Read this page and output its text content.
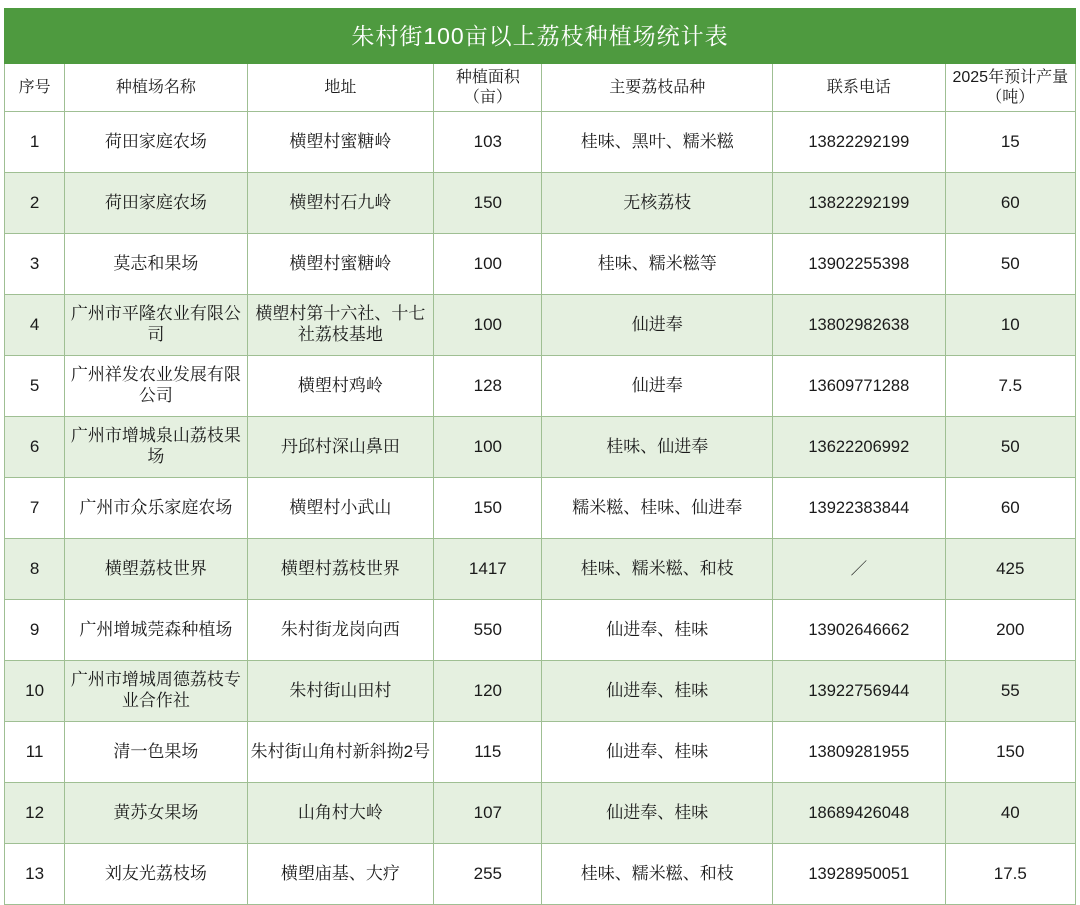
朱村街100亩以上荔枝种植场统计表						
序号	种植场名称	地址	种植面积（亩）	主要荔枝品种	联系电话	2025年预计产量（吨）
1	荷田家庭农场	横塱村蜜糖岭	103	桂味、黑叶、糯米糍	13822292199	15
2	荷田家庭农场	横塱村石九岭	150	无核荔枝	13822292199	60
3	莫志和果场	横塱村蜜糖岭	100	桂味、糯米糍等	13902255398	50
4	广州市平隆农业有限公司	横塱村第十六社、十七社荔枝基地	100	仙进奉	13802982638	10
5	广州祥发农业发展有限公司	横塱村鸡岭	128	仙进奉	13609771288	7.5
6	广州市增城泉山荔枝果场	丹邱村深山鼻田	100	桂味、仙进奉	13622206992	50
7	广州市众乐家庭农场	横塱村小武山	150	糯米糍、桂味、仙进奉	13922383844	60
8	横塱荔枝世界	横塱村荔枝世界	1417	桂味、糯米糍、和枝	／	425
9	广州增城莞森种植场	朱村街龙岗向西	550	仙进奉、桂味	13902646662	200
10	广州市增城周德荔枝专业合作社	朱村街山田村	120	仙进奉、桂味	13922756944	55
11	清一色果场	朱村街山角村新斜拗2号	115	仙进奉、桂味	13809281955	150
12	黄苏女果场	山角村大岭	107	仙进奉、桂味	18689426048	40
13	刘友光荔枝场	横塱庙基、大疗	255	桂味、糯米糍、和枝	13928950051	17.5
